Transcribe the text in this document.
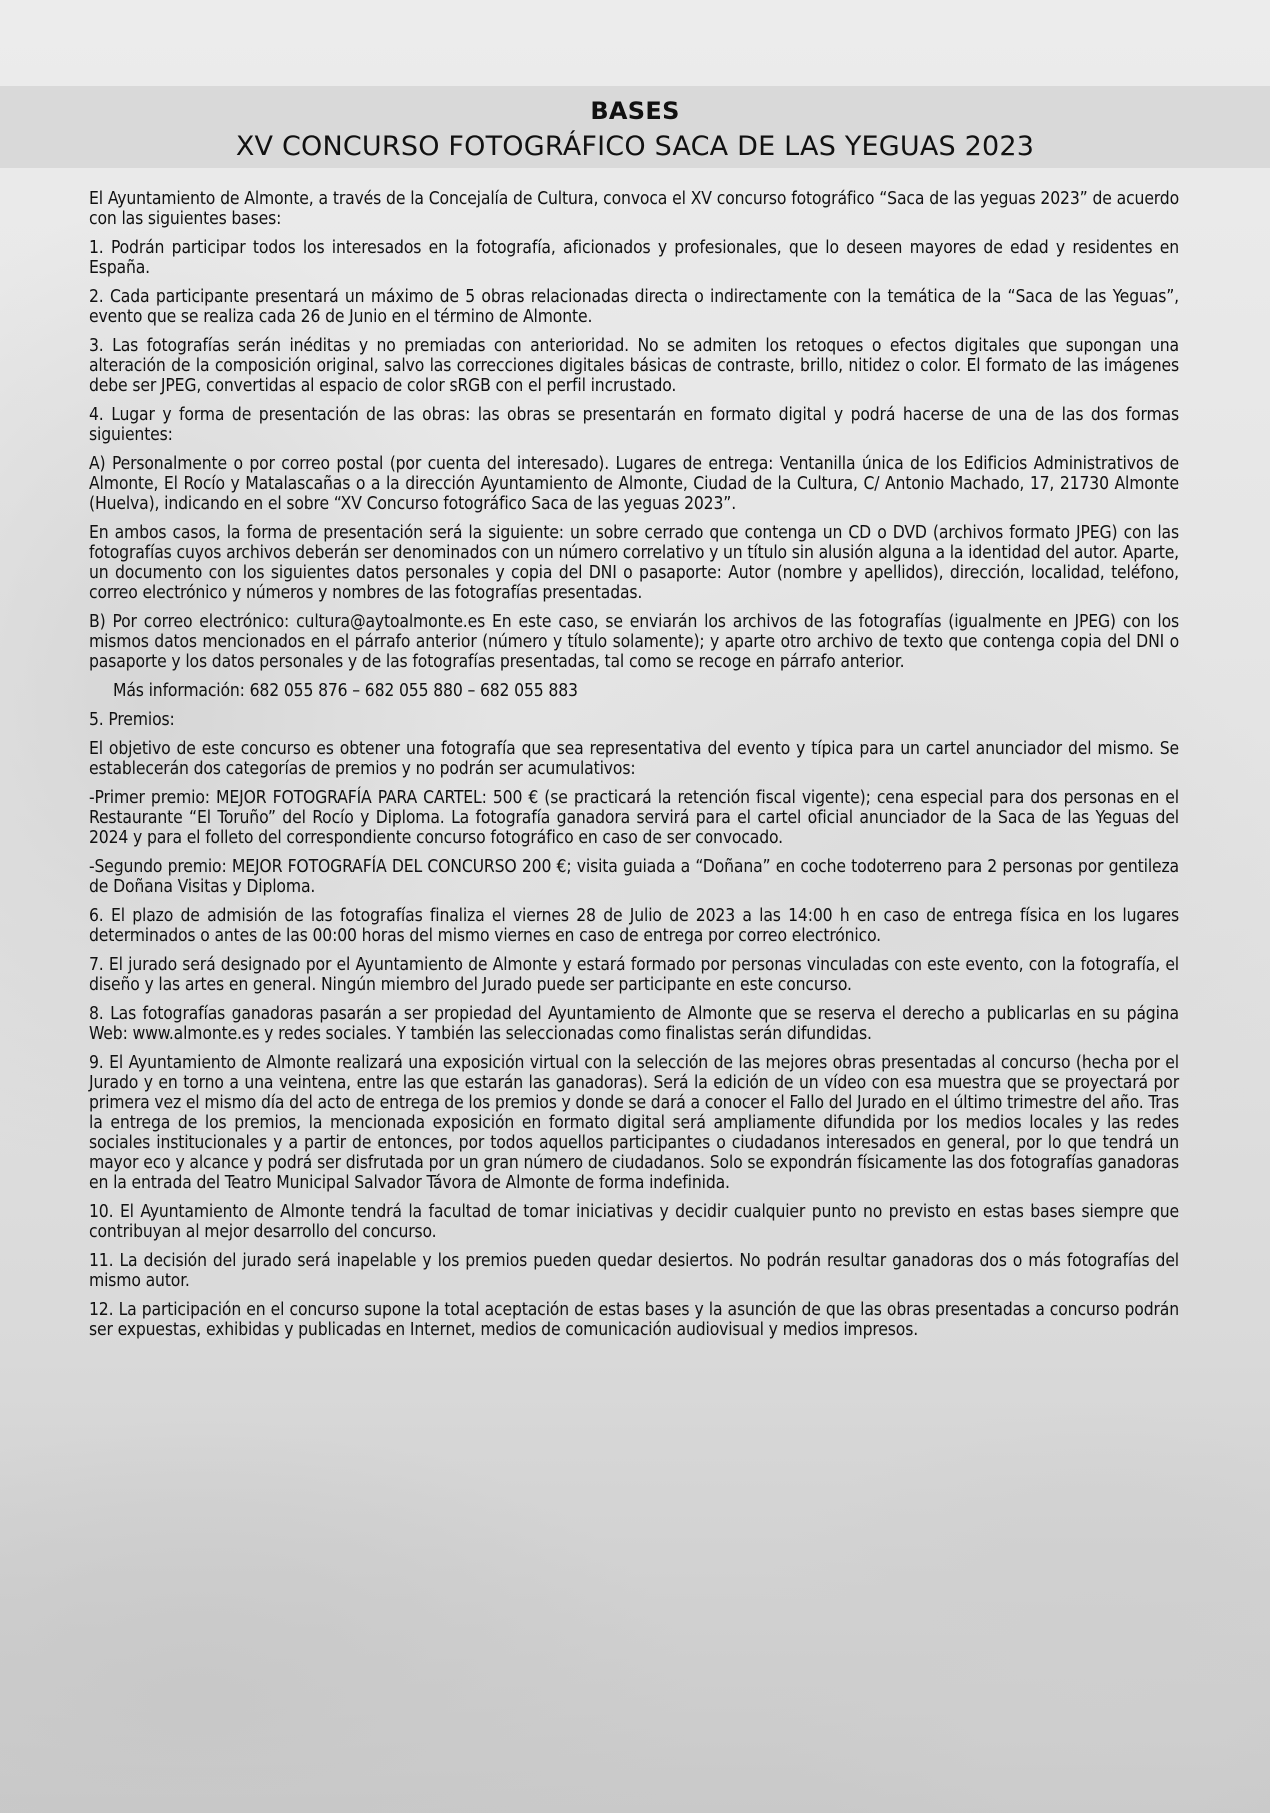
BASES
XV CONCURSO FOTOGRÁFICO SACA DE LAS YEGUAS 2023

El Ayuntamiento de Almonte, a través de la Concejalía de Cultura, convoca el XV concurso fotográfico “Saca de las yeguas 2023” de acuerdo con las siguientes bases:

1. Podrán participar todos los interesados en la fotografía, aficionados y profesionales, que lo deseen mayores de edad y residentes en España.

2. Cada participante presentará un máximo de 5 obras relacionadas directa o indirectamente con la temática de la “Saca de las Yeguas”, evento que se realiza cada 26 de Junio en el término de Almonte.

3. Las fotografías serán inéditas y no premiadas con anterioridad. No se admiten los retoques o efectos digitales que supongan una alteración de la composición original, salvo las correcciones digitales básicas de contraste, brillo, nitidez o color. El formato de las imágenes debe ser JPEG, convertidas al espacio de color sRGB con el perfil incrustado.

4. Lugar y forma de presentación de las obras: las obras se presentarán en formato digital y podrá hacerse de una de las dos formas siguientes:

A) Personalmente o por correo postal (por cuenta del interesado). Lugares de entrega: Ventanilla única de los Edificios Administrativos de Almonte, El Rocío y Matalascañas o a la dirección Ayuntamiento de Almonte, Ciudad de la Cultura, C/ Antonio Machado, 17, 21730 Almonte (Huelva), indicando en el sobre “XV Concurso fotográfico Saca de las yeguas 2023”.

En ambos casos, la forma de presentación será la siguiente: un sobre cerrado que contenga un CD o DVD (archivos formato JPEG) con las fotografías cuyos archivos deberán ser denominados con un número correlativo y un título sin alusión alguna a la identidad del autor. Aparte, un documento con los siguientes datos personales y copia del DNI o pasaporte: Autor (nombre y apellidos), dirección, localidad, teléfono, correo electrónico y números y nombres de las fotografías presentadas.

B) Por correo electrónico: cultura@aytoalmonte.es En este caso, se enviarán los archivos de las fotografías (igualmente en JPEG) con los mismos datos mencionados en el párrafo anterior (número y título solamente); y aparte otro archivo de texto que contenga copia del DNI o pasaporte y los datos personales y de las fotografías presentadas, tal como se recoge en párrafo anterior.

Más información: 682 055 876 – 682 055 880 – 682 055 883

5. Premios:

El objetivo de este concurso es obtener una fotografía que sea representativa del evento y típica para un cartel anunciador del mismo. Se establecerán dos categorías de premios y no podrán ser acumulativos:

-Primer premio: MEJOR FOTOGRAFÍA PARA CARTEL: 500 € (se practicará la retención fiscal vigente); cena especial para dos personas en el Restaurante “El Toruño” del Rocío y Diploma. La fotografía ganadora servirá para el cartel oficial anunciador de la Saca de las Yeguas del 2024 y para el folleto del correspondiente concurso fotográfico en caso de ser convocado.

-Segundo premio: MEJOR FOTOGRAFÍA DEL CONCURSO 200 €; visita guiada a “Doñana” en coche todoterreno para 2 personas por gentileza de Doñana Visitas y Diploma.

6. El plazo de admisión de las fotografías finaliza el viernes 28 de Julio de 2023 a las 14:00 h en caso de entrega física en los lugares determinados o antes de las 00:00 horas del mismo viernes en caso de entrega por correo electrónico.

7. El jurado será designado por el Ayuntamiento de Almonte y estará formado por personas vinculadas con este evento, con la fotografía, el diseño y las artes en general. Ningún miembro del Jurado puede ser participante en este concurso.

8. Las fotografías ganadoras pasarán a ser propiedad del Ayuntamiento de Almonte que se reserva el derecho a publicarlas en su página Web: www.almonte.es y redes sociales. Y también las seleccionadas como finalistas serán difundidas.

9. El Ayuntamiento de Almonte realizará una exposición virtual con la selección de las mejores obras presentadas al concurso (hecha por el Jurado y en torno a una veintena, entre las que estarán las ganadoras). Será la edición de un vídeo con esa muestra que se proyectará por primera vez el mismo día del acto de entrega de los premios y donde se dará a conocer el Fallo del Jurado en el último trimestre del año. Tras la entrega de los premios, la mencionada exposición en formato digital será ampliamente difundida por los medios locales y las redes sociales institucionales y a partir de entonces, por todos aquellos participantes o ciudadanos interesados en general, por lo que tendrá un mayor eco y alcance y podrá ser disfrutada por un gran número de ciudadanos. Solo se expondrán físicamente las dos fotografías ganadoras en la entrada del Teatro Municipal Salvador Távora de Almonte de forma indefinida.

10. El Ayuntamiento de Almonte tendrá la facultad de tomar iniciativas y decidir cualquier punto no previsto en estas bases siempre que contribuyan al mejor desarrollo del concurso.

11. La decisión del jurado será inapelable y los premios pueden quedar desiertos. No podrán resultar ganadoras dos o más fotografías del mismo autor.

12. La participación en el concurso supone la total aceptación de estas bases y la asunción de que las obras presentadas a concurso podrán ser expuestas, exhibidas y publicadas en Internet, medios de comunicación audiovisual y medios impresos.
